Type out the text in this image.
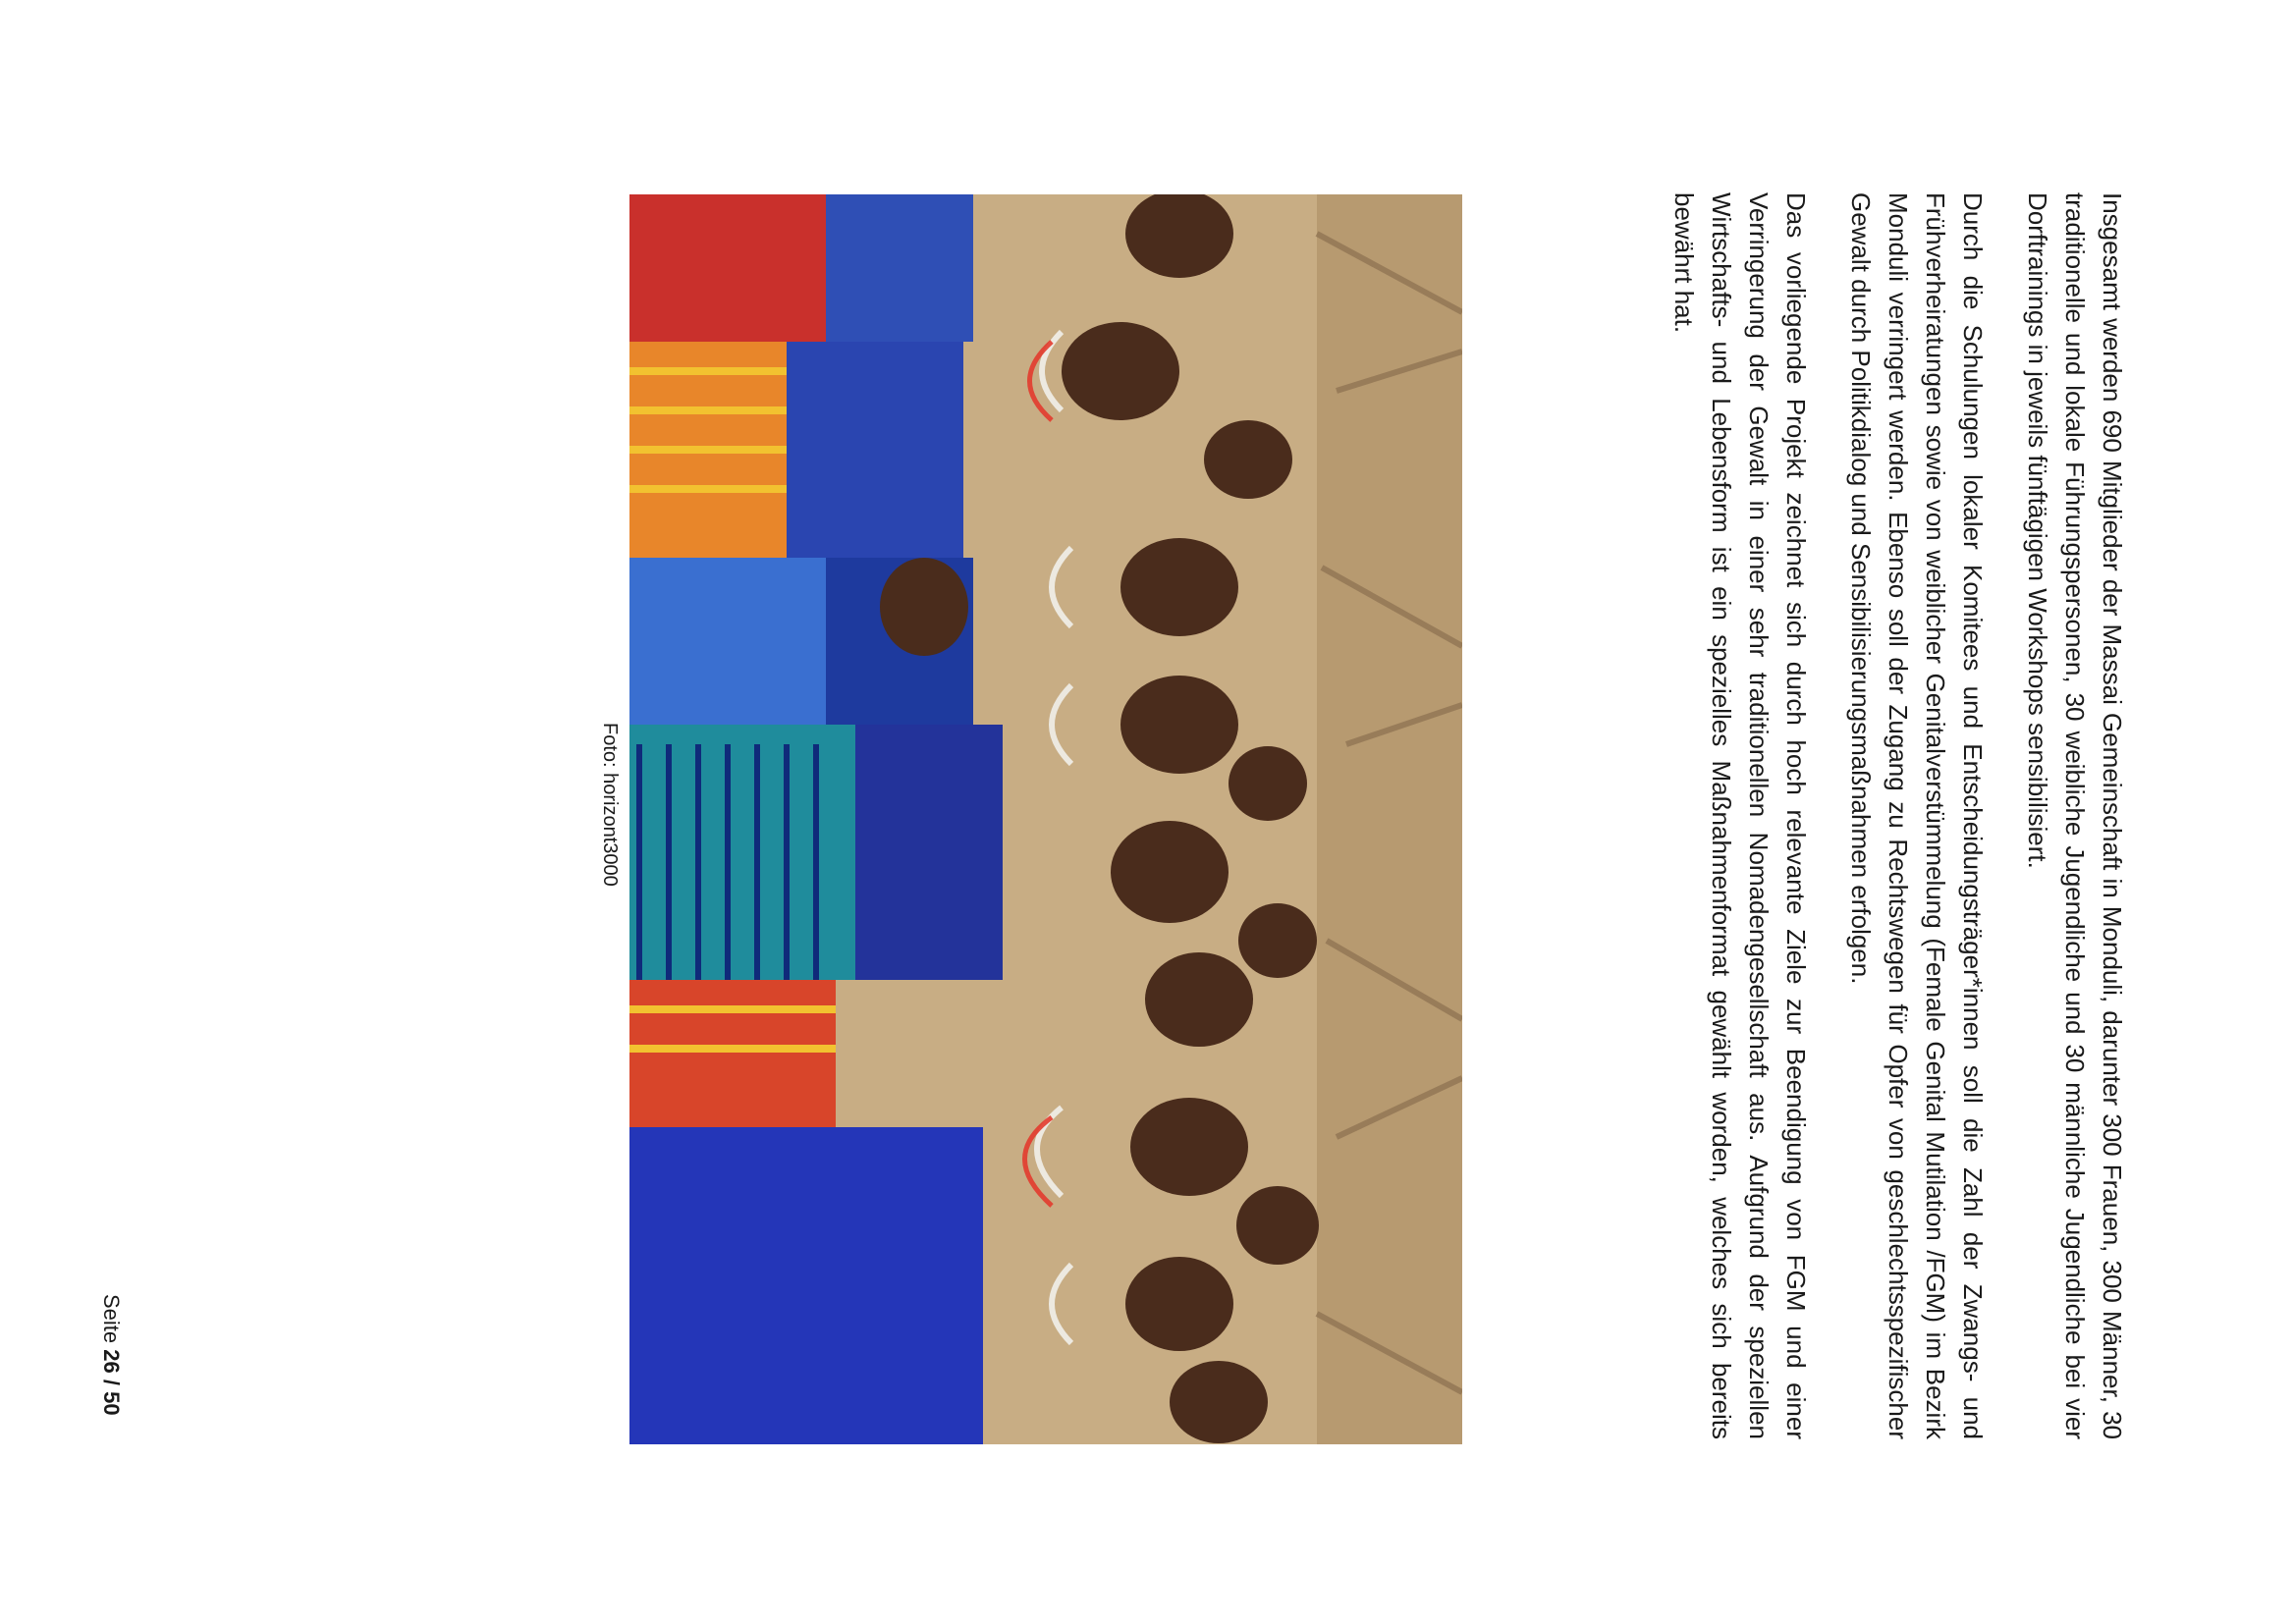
Insgesamt werden 690 Mitglieder der Massai Gemeinschaft in Monduli, darunter 300 Frauen, 300 Männer, 30 traditionelle und lokale Führungspersonen, 30 weibliche Jugendliche und 30 männliche Jugendliche bei vier Dorftrainings in jeweils fünftägigen Workshops sensibilisiert.

Durch die Schulungen lokaler Komitees und Entscheidungsträger*innen soll die Zahl der Zwangs- und Frühverheiratungen sowie von weiblicher Genitalverstümmelung (Female Genital Mutilation /FGM) im Bezirk Monduli verringert werden. Ebenso soll der Zugang zu Rechtswegen für Opfer von geschlechtsspezifischer Gewalt durch Politikdialog und Sensibilisierungsmaßnahmen erfolgen.

Das vorliegende Projekt zeichnet sich durch hoch relevante Ziele zur Beendigung von FGM und einer Verringerung der Gewalt in einer sehr traditionellen Nomadengesellschaft aus. Aufgrund der speziellen Wirtschafts- und Lebensform ist ein spezielles Maßnahmenformat gewählt worden, welches sich bereits bewährt hat.

Foto: horizont3000
Seite 26 / 50
